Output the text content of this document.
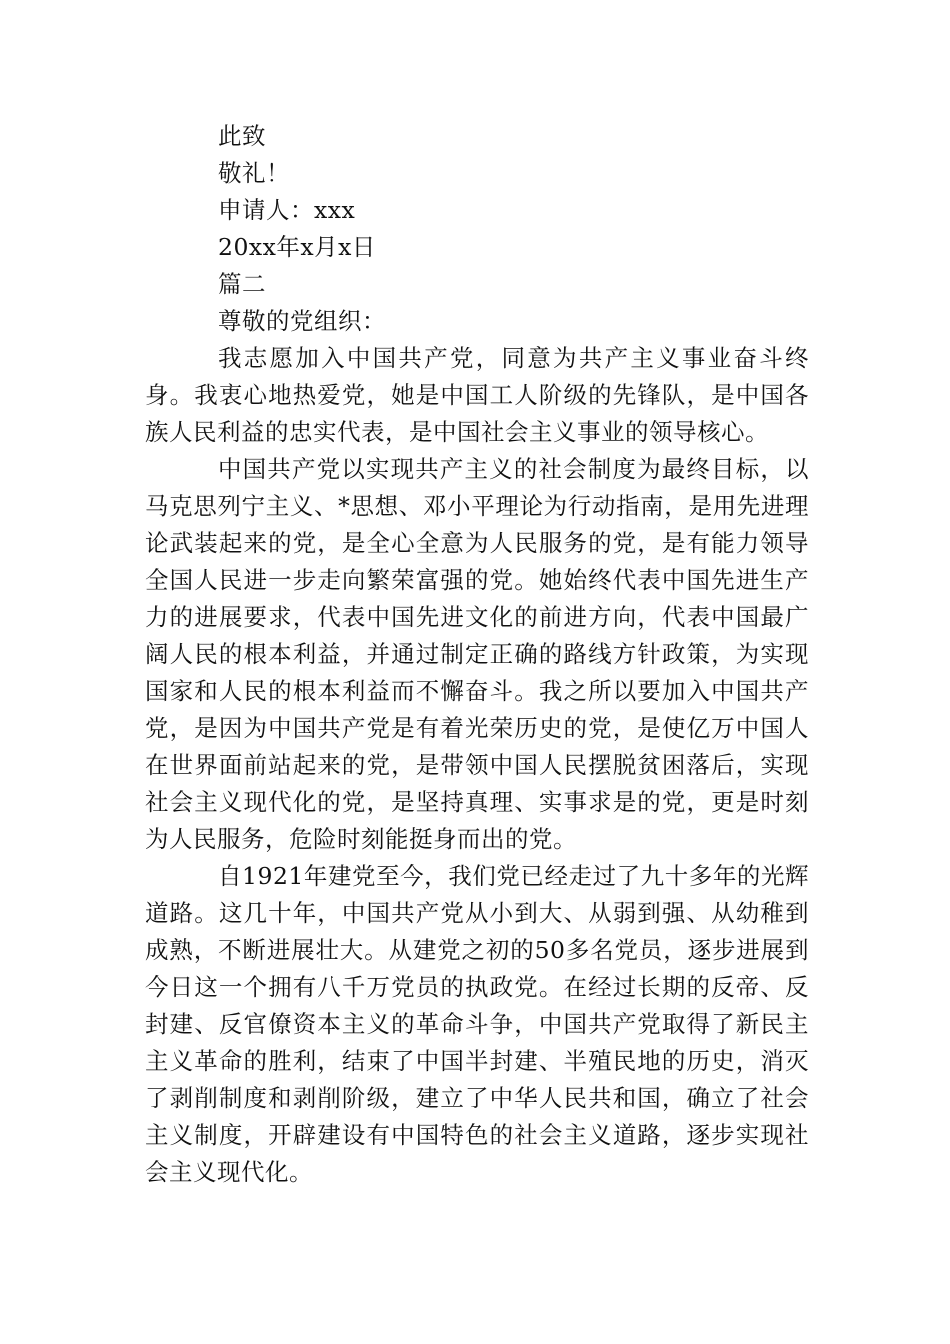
此致

敬礼！

申请人：xxx

20xx年x月x日

篇二

尊敬的党组织：

我志愿加入中国共产党，同意为共产主义事业奋斗终身。我衷心地热爱党，她是中国工人阶级的先锋队，是中国各族人民利益的忠实代表，是中国社会主义事业的领导核心。

中国共产党以实现共产主义的社会制度为最终目标，以马克思列宁主义、*思想、邓小平理论为行动指南，是用先进理论武装起来的党，是全心全意为人民服务的党，是有能力领导全国人民进一步走向繁荣富强的党。她始终代表中国先进生产力的进展要求，代表中国先进文化的前进方向，代表中国最广阔人民的根本利益，并通过制定正确的路线方针政策，为实现国家和人民的根本利益而不懈奋斗。我之所以要加入中国共产党，是因为中国共产党是有着光荣历史的党，是使亿万中国人在世界面前站起来的党，是带领中国人民摆脱贫困落后，实现社会主义现代化的党，是坚持真理、实事求是的党，更是时刻为人民服务，危险时刻能挺身而出的党。

自1921年建党至今，我们党已经走过了九十多年的光辉道路。这几十年，中国共产党从小到大、从弱到强、从幼稚到成熟，不断进展壮大。从建党之初的50多名党员，逐步进展到今日这一个拥有八千万党员的执政党。在经过长期的反帝、反封建、反官僚资本主义的革命斗争，中国共产党取得了新民主主义革命的胜利，结束了中国半封建、半殖民地的历史，消灭了剥削制度和剥削阶级，建立了中华人民共和国，确立了社会主义制度，开辟建设有中国特色的社会主义道路，逐步实现社会主义现代化。
